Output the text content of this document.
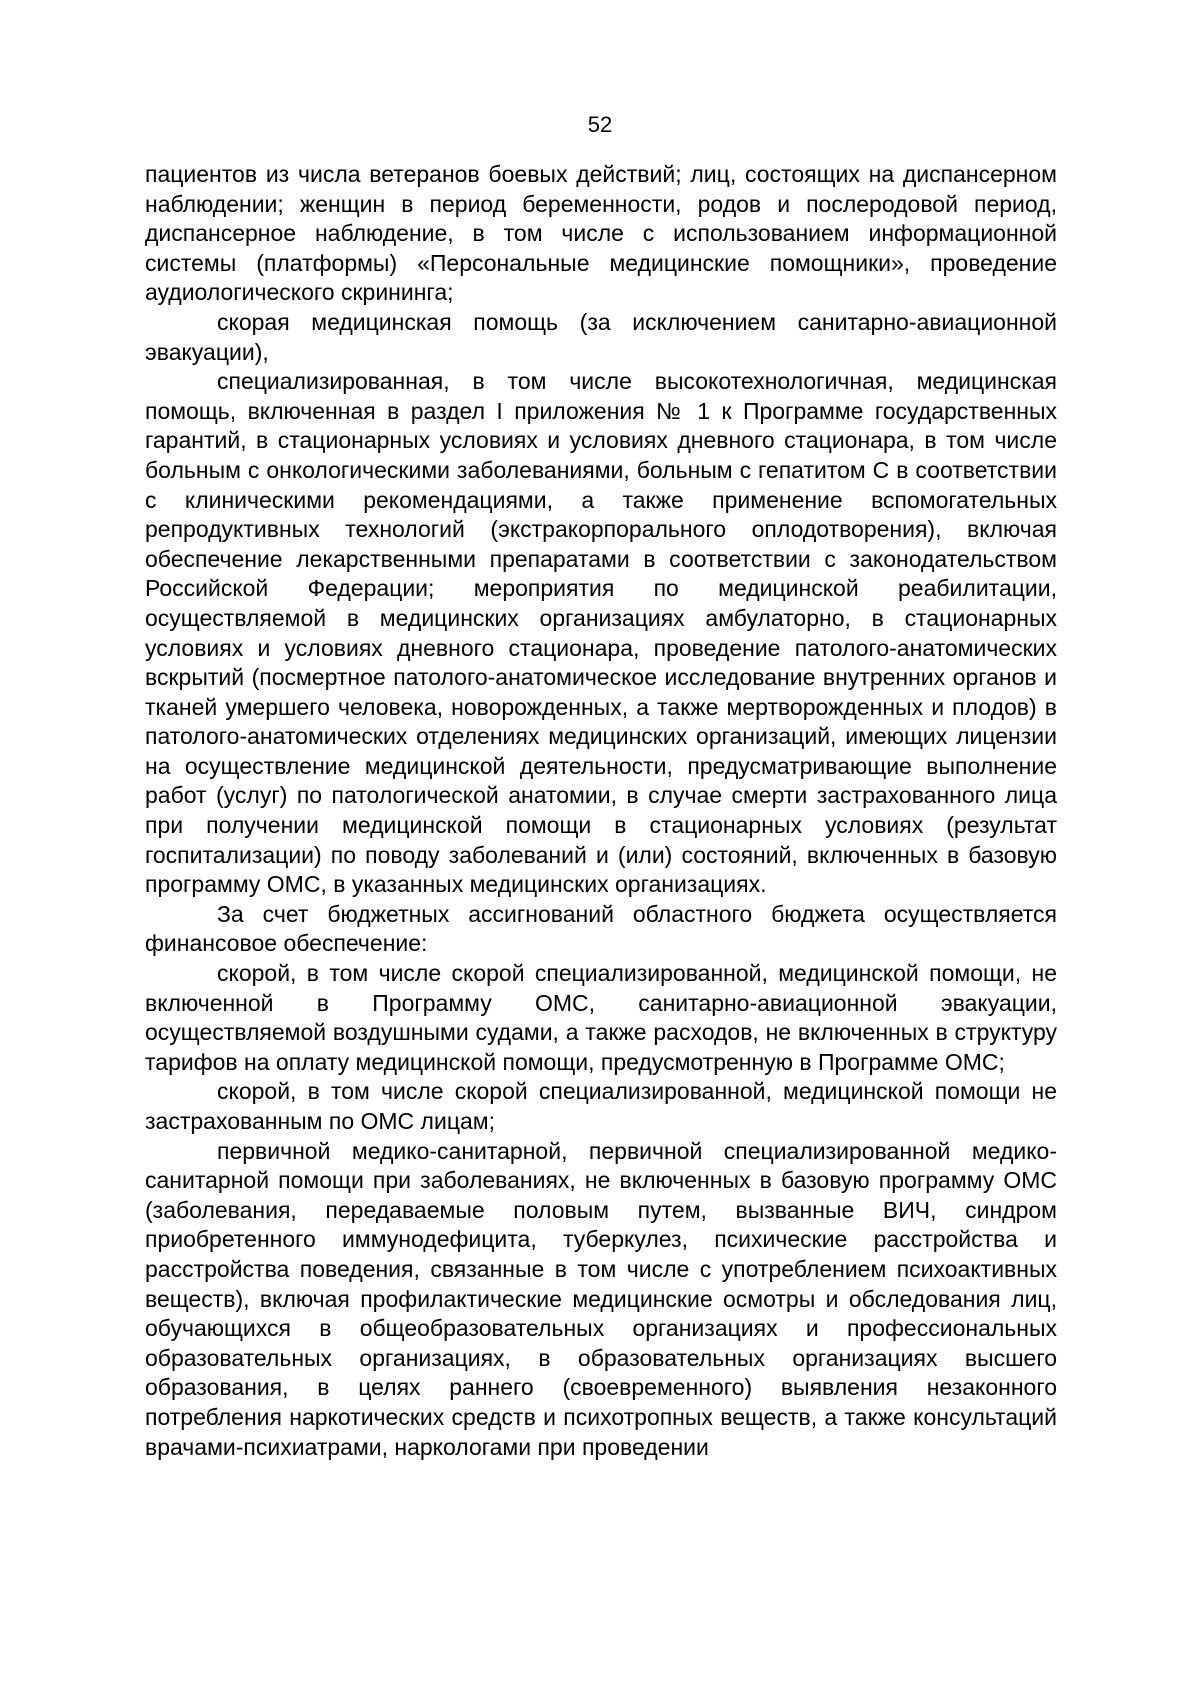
52

пациентов из числа ветеранов боевых действий; лиц, состоящих на диспансерном наблюдении; женщин в период беременности, родов и послеродовой период, диспансерное наблюдение, в том числе с использованием информационной системы (платформы) «Персональные медицинские помощники», проведение аудиологического скрининга;

скорая медицинская помощь (за исключением санитарно-авиационной эвакуации),

специализированная, в том числе высокотехнологичная, медицинская помощь, включенная в раздел I приложения № 1 к Программе государственных гарантий, в стационарных условиях и условиях дневного стационара, в том числе больным с онкологическими заболеваниями, больным с гепатитом С в соответствии с клиническими рекомендациями, а также применение вспомогательных репродуктивных технологий (экстракорпорального оплодотворения), включая обеспечение лекарственными препаратами в соответствии с законодательством Российской Федерации; мероприятия по медицинской реабилитации, осуществляемой в медицинских организациях амбулаторно, в стационарных условиях и условиях дневного стационара, проведение патолого-анатомических вскрытий (посмертное патолого-анатомическое исследование внутренних органов и тканей умершего человека, новорожденных, а также мертворожденных и плодов) в патолого-анатомических отделениях медицинских организаций, имеющих лицензии на осуществление медицинской деятельности, предусматривающие выполнение работ (услуг) по патологической анатомии, в случае смерти застрахованного лица при получении медицинской помощи в стационарных условиях (результат госпитализации) по поводу заболеваний и (или) состояний, включенных в базовую программу ОМС, в указанных медицинских организациях.

За счет бюджетных ассигнований областного бюджета осуществляется финансовое обеспечение:

скорой, в том числе скорой специализированной, медицинской помощи, не включенной в Программу ОМС, санитарно-авиационной эвакуации, осуществляемой воздушными судами, а также расходов, не включенных в структуру тарифов на оплату медицинской помощи, предусмотренную в Программе ОМС;

скорой, в том числе скорой специализированной, медицинской помощи не застрахованным по ОМС лицам;

первичной медико-санитарной, первичной специализированной медико-санитарной помощи при заболеваниях, не включенных в базовую программу ОМС (заболевания, передаваемые половым путем, вызванные ВИЧ, синдром приобретенного иммунодефицита, туберкулез, психические расстройства и расстройства поведения, связанные в том числе с употреблением психоактивных веществ), включая профилактические медицинские осмотры и обследования лиц, обучающихся в общеобразовательных организациях и профессиональных образовательных организациях, в образовательных организациях высшего образования, в целях раннего (своевременного) выявления незаконного потребления наркотических средств и психотропных веществ, а также консультаций врачами-психиатрами, наркологами при проведении
